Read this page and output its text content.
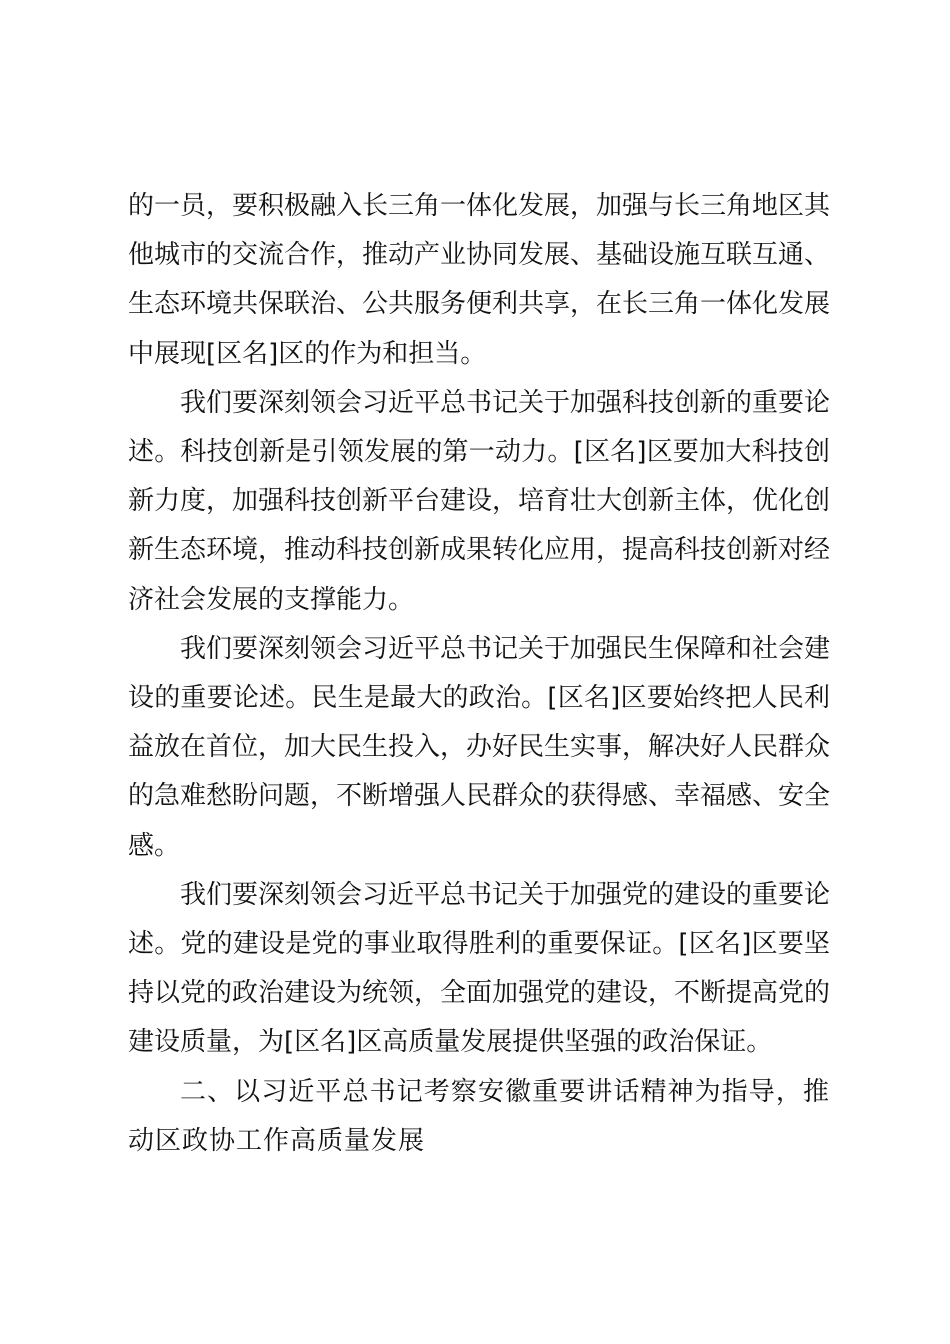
的一员，要积极融入长三角一体化发展，加强与长三角地区其他城市的交流合作，推动产业协同发展、基础设施互联互通、生态环境共保联治、公共服务便利共享，在长三角一体化发展中展现[区名]区的作为和担当。

我们要深刻领会习近平总书记关于加强科技创新的重要论述。科技创新是引领发展的第一动力。[区名]区要加大科技创新力度，加强科技创新平台建设，培育壮大创新主体，优化创新生态环境，推动科技创新成果转化应用，提高科技创新对经济社会发展的支撑能力。

我们要深刻领会习近平总书记关于加强民生保障和社会建设的重要论述。民生是最大的政治。[区名]区要始终把人民利益放在首位，加大民生投入，办好民生实事，解决好人民群众的急难愁盼问题，不断增强人民群众的获得感、幸福感、安全感。

我们要深刻领会习近平总书记关于加强党的建设的重要论述。党的建设是党的事业取得胜利的重要保证。[区名]区要坚持以党的政治建设为统领，全面加强党的建设，不断提高党的建设质量，为[区名]区高质量发展提供坚强的政治保证。

二、以习近平总书记考察安徽重要讲话精神为指导，推动区政协工作高质量发展
